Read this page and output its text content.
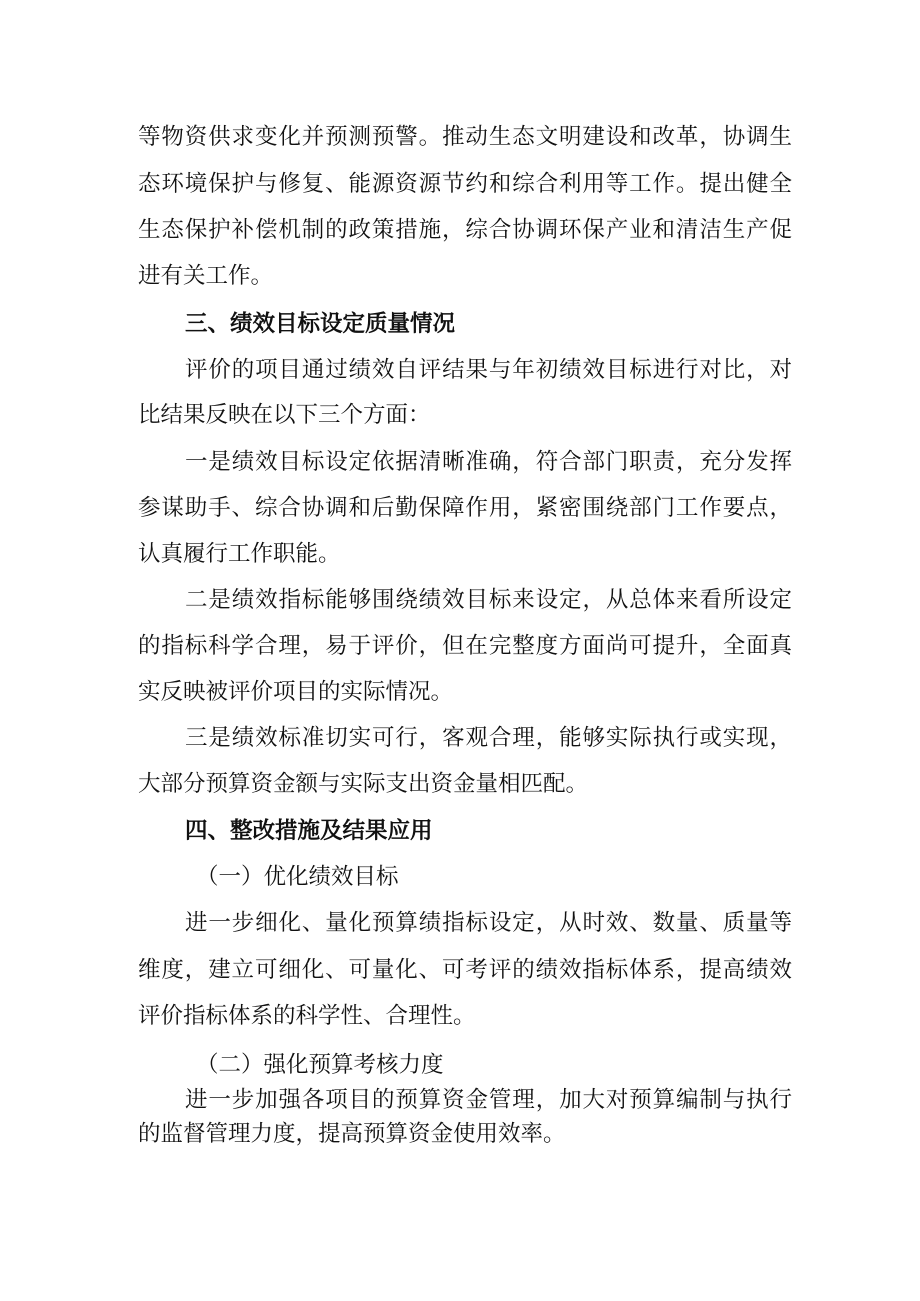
等物资供求变化并预测预警。推动生态文明建设和改革，协调生
态环境保护与修复、能源资源节约和综合利用等工作。提出健全
生态保护补偿机制的政策措施，综合协调环保产业和清洁生产促
进有关工作。
三、绩效目标设定质量情况
评价的项目通过绩效自评结果与年初绩效目标进行对比，对
比结果反映在以下三个方面：
一是绩效目标设定依据清晰准确，符合部门职责，充分发挥
参谋助手、综合协调和后勤保障作用，紧密围绕部门工作要点，
认真履行工作职能。
二是绩效指标能够围绕绩效目标来设定，从总体来看所设定
的指标科学合理，易于评价，但在完整度方面尚可提升，全面真
实反映被评价项目的实际情况。
三是绩效标准切实可行，客观合理，能够实际执行或实现，
大部分预算资金额与实际支出资金量相匹配。
四、整改措施及结果应用
（一）优化绩效目标
进一步细化、量化预算绩指标设定，从时效、数量、质量等
维度，建立可细化、可量化、可考评的绩效指标体系，提高绩效
评价指标体系的科学性、合理性。
（二）强化预算考核力度
进一步加强各项目的预算资金管理，加大对预算编制与执行
的监督管理力度，提高预算资金使用效率。
